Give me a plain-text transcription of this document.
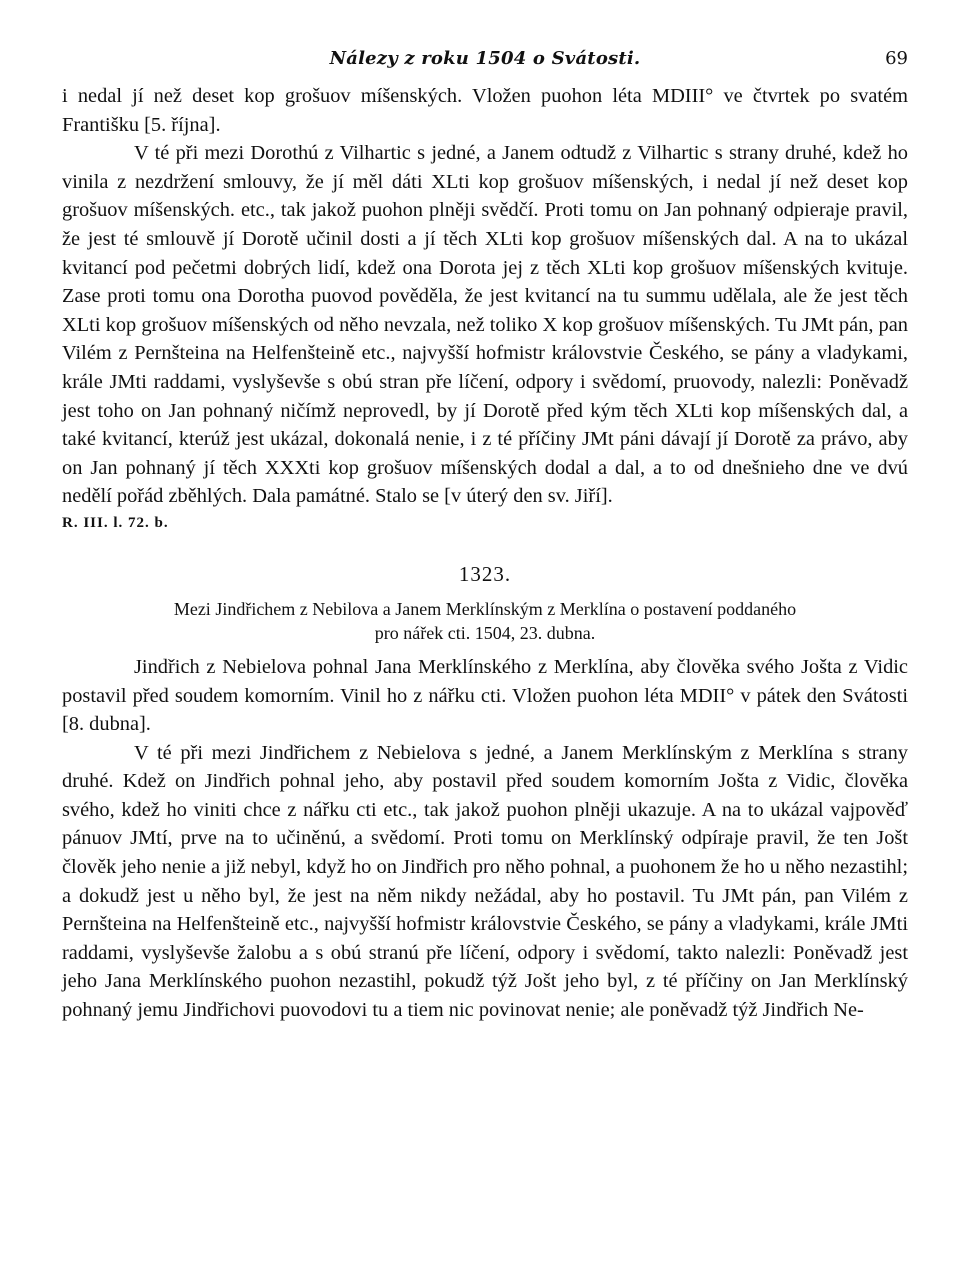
Nálezy z roku 1504 o Svátosti.	69

i nedal jí než deset kop grošuov míšenských. Vložen puohon léta MDIII° ve čtvrtek po svatém Františku [5. října].

V té při mezi Dorothú z Vilhartic s jedné, a Janem odtudž z Vilhartic s strany druhé, kdež ho vinila z nezdržení smlouvy, že jí měl dáti XLti kop grošuov míšenských, i nedal jí než deset kop grošuov míšenských. etc., tak jakož puohon plněji svědčí. Proti tomu on Jan pohnaný odpieraje pravil, že jest té smlouvě jí Dorotě učinil dosti a jí těch XLti kop grošuov míšenských dal. A na to ukázal kvitancí pod pečetmi dobrých lidí, kdež ona Dorota jej z těch XLti kop grošuov míšenských kvituje. Zase proti tomu ona Dorotha puovod pověděla, že jest kvitancí na tu summu udělala, ale že jest těch XLti kop grošuov míšenských od něho nevzala, než toliko X kop grošuov míšenských. Tu JMt pán, pan Vilém z Pernšteina na Helfenšteině etc., najvyšší hofmistr královstvie Českého, se pány a vladykami, krále JMti raddami, vyslyševše s obú stran pře líčení, odpory i svědomí, pruovody, nalezli: Poněvadž jest toho on Jan pohnaný ničímž neprovedl, by jí Dorotě před kým těch XLti kop míšenských dal, a také kvitancí, kterúž jest ukázal, dokonalá nenie, i z té příčiny JMt páni dávají jí Dorotě za právo, aby on Jan pohnaný jí těch XXXti kop grošuov míšenských dodal a dal, a to od dnešnieho dne ve dvú nedělí pořád zběhlých. Dala památné. Stalo se [v úterý den sv. Jiří].

R. III. l. 72. b.
1323.
Mezi Jindřichem z Nebilova a Janem Merklínským z Merklína o postavení poddaného
pro nářek cti. 1504, 23. dubna.

Jindřich z Nebielova pohnal Jana Merklínského z Merklína, aby člověka svého Jošta z Vidic postavil před soudem komorním. Vinil ho z nářku cti. Vložen puohon léta MDII° v pátek den Svátosti [8. dubna].

V té při mezi Jindřichem z Nebielova s jedné, a Janem Merklínským z Merklína s strany druhé. Kdež on Jindřich pohnal jeho, aby postavil před soudem komorním Jošta z Vidic, člověka svého, kdež ho viniti chce z nářku cti etc., tak jakož puohon plněji ukazuje. A na to ukázal vajpověď pánuov JMtí, prve na to učiněnú, a svědomí. Proti tomu on Merklínský odpíraje pravil, že ten Jošt člověk jeho nenie a již nebyl, když ho on Jindřich pro něho pohnal, a puohonem že ho u něho nezastihl; a dokudž jest u něho byl, že jest na něm nikdy nežádal, aby ho postavil. Tu JMt pán, pan Vilém z Pernšteina na Helfenšteině etc., najvyšší hofmistr královstvie Českého, se pány a vladykami, krále JMti raddami, vyslyševše žalobu a s obú stranú pře líčení, odpory i svědomí, takto nalezli: Poněvadž jest jeho Jana Merklínského puohon nezastihl, pokudž týž Jošt jeho byl, z té příčiny on Jan Merklínský pohnaný jemu Jindřichovi puovodovi tu a tiem nic povinovat nenie; ale poněvadž týž Jindřich Ne-
